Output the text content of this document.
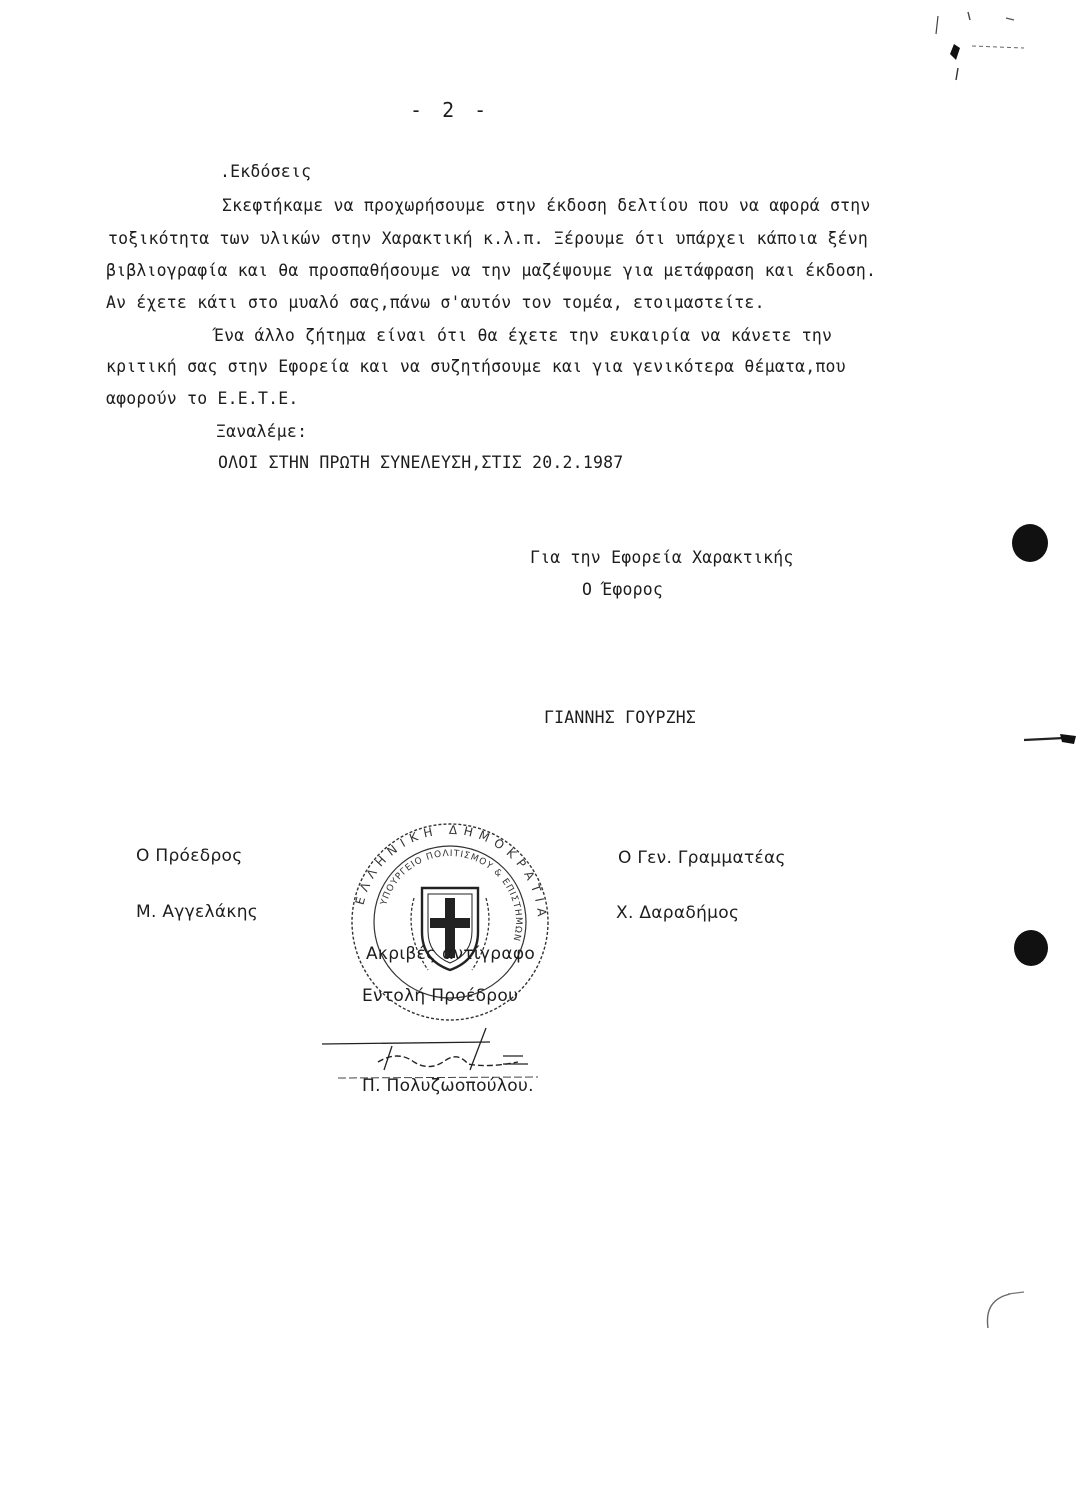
- 2 -
.Εκδόσεις
Σκεφτήκαμε να προχωρήσουμε στην έκδοση δελτίου που να αφορά στην
τοξικότητα των υλικών στην Χαρακτική κ.λ.π. Ξέρουμε ότι υπάρχει κάποια ξένη
βιβλιογραφία και θα προσπαθήσουμε να την μαζέψουμε για μετάφραση και έκδοση.
Αν έχετε κάτι στο μυαλό σας,πάνω σ'αυτόν τον τομέα, ετοιμαστείτε.
Ένα άλλο ζήτημα είναι ότι θα έχετε την ευκαιρία να κάνετε την
κριτική σας στην Εφορεία και να συζητήσουμε και για γενικότερα θέματα,που
αφορούν το Ε.Ε.Τ.Ε.
Ξαναλέμε:
ΟΛΟΙ ΣΤΗΝ ΠΡΩΤΗ ΣΥΝΕΛΕΥΣΗ,ΣΤΙΣ 20.2.1987
Για την Εφορεία Χαρακτικής
Ο Έφορος
ΓΙΑΝΝΗΣ ΓΟΥΡΖΗΣ
Ο Πρόεδρος
Μ. Αγγελάκης
Ο Γεν. Γραμματέας
Χ. Δαραδήμος
ΕΛΛΗΝΙΚΗ ΔΗΜΟΚΡΑΤΙΑ
ΥΠΟΥΡΓΕΙΟ ΠΟΛΙΤΙΣΜΟΥ & ΕΠΙΣΤΗΜΩΝ
Ακριβές αντίγραφο
Εντολή Προέδρου
Π. Πολυζωοπούλου.
